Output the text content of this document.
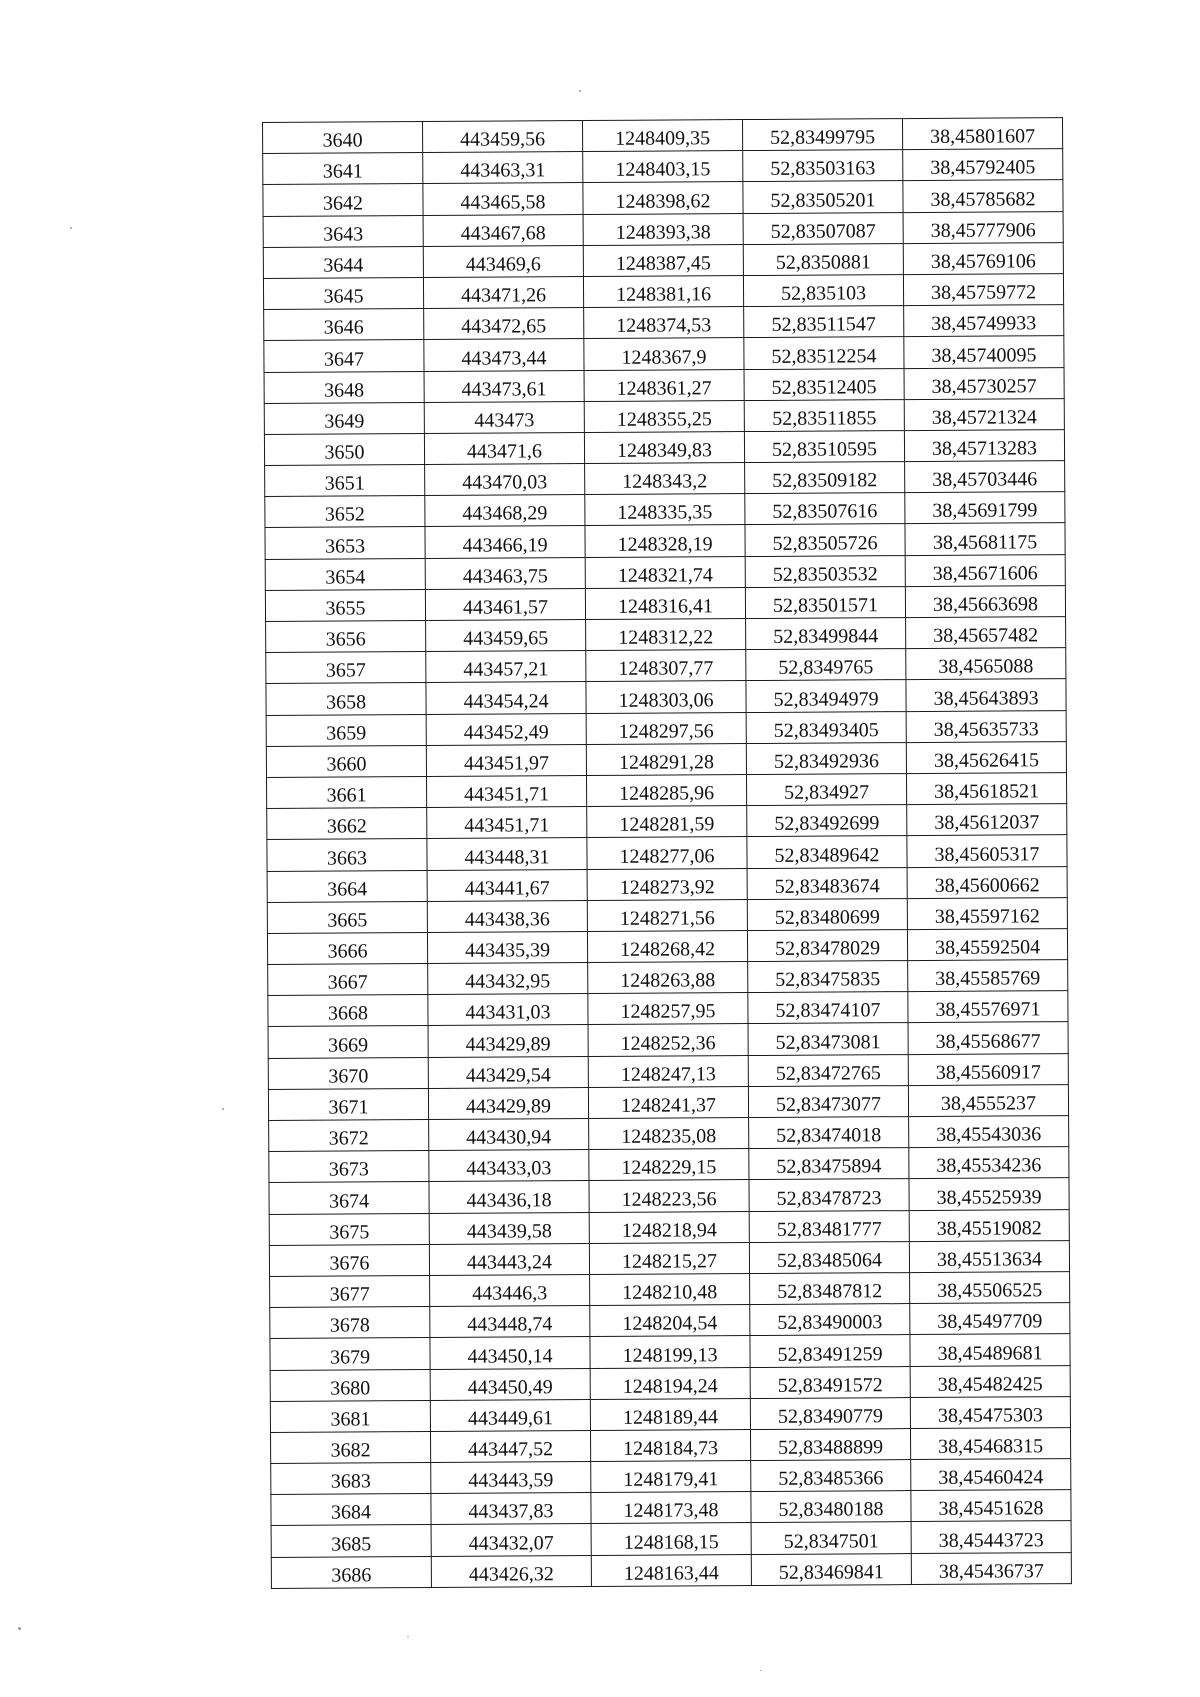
3640	443459,56	1248409,35	52,83499795	38,45801607
3641	443463,31	1248403,15	52,83503163	38,45792405
3642	443465,58	1248398,62	52,83505201	38,45785682
3643	443467,68	1248393,38	52,83507087	38,45777906
3644	443469,6	1248387,45	52,8350881	38,45769106
3645	443471,26	1248381,16	52,835103	38,45759772
3646	443472,65	1248374,53	52,83511547	38,45749933
3647	443473,44	1248367,9	52,83512254	38,45740095
3648	443473,61	1248361,27	52,83512405	38,45730257
3649	443473	1248355,25	52,83511855	38,45721324
3650	443471,6	1248349,83	52,83510595	38,45713283
3651	443470,03	1248343,2	52,83509182	38,45703446
3652	443468,29	1248335,35	52,83507616	38,45691799
3653	443466,19	1248328,19	52,83505726	38,45681175
3654	443463,75	1248321,74	52,83503532	38,45671606
3655	443461,57	1248316,41	52,83501571	38,45663698
3656	443459,65	1248312,22	52,83499844	38,45657482
3657	443457,21	1248307,77	52,8349765	38,4565088
3658	443454,24	1248303,06	52,83494979	38,45643893
3659	443452,49	1248297,56	52,83493405	38,45635733
3660	443451,97	1248291,28	52,83492936	38,45626415
3661	443451,71	1248285,96	52,834927	38,45618521
3662	443451,71	1248281,59	52,83492699	38,45612037
3663	443448,31	1248277,06	52,83489642	38,45605317
3664	443441,67	1248273,92	52,83483674	38,45600662
3665	443438,36	1248271,56	52,83480699	38,45597162
3666	443435,39	1248268,42	52,83478029	38,45592504
3667	443432,95	1248263,88	52,83475835	38,45585769
3668	443431,03	1248257,95	52,83474107	38,45576971
3669	443429,89	1248252,36	52,83473081	38,45568677
3670	443429,54	1248247,13	52,83472765	38,45560917
3671	443429,89	1248241,37	52,83473077	38,4555237
3672	443430,94	1248235,08	52,83474018	38,45543036
3673	443433,03	1248229,15	52,83475894	38,45534236
3674	443436,18	1248223,56	52,83478723	38,45525939
3675	443439,58	1248218,94	52,83481777	38,45519082
3676	443443,24	1248215,27	52,83485064	38,45513634
3677	443446,3	1248210,48	52,83487812	38,45506525
3678	443448,74	1248204,54	52,83490003	38,45497709
3679	443450,14	1248199,13	52,83491259	38,45489681
3680	443450,49	1248194,24	52,83491572	38,45482425
3681	443449,61	1248189,44	52,83490779	38,45475303
3682	443447,52	1248184,73	52,83488899	38,45468315
3683	443443,59	1248179,41	52,83485366	38,45460424
3684	443437,83	1248173,48	52,83480188	38,45451628
3685	443432,07	1248168,15	52,8347501	38,45443723
3686	443426,32	1248163,44	52,83469841	38,45436737
